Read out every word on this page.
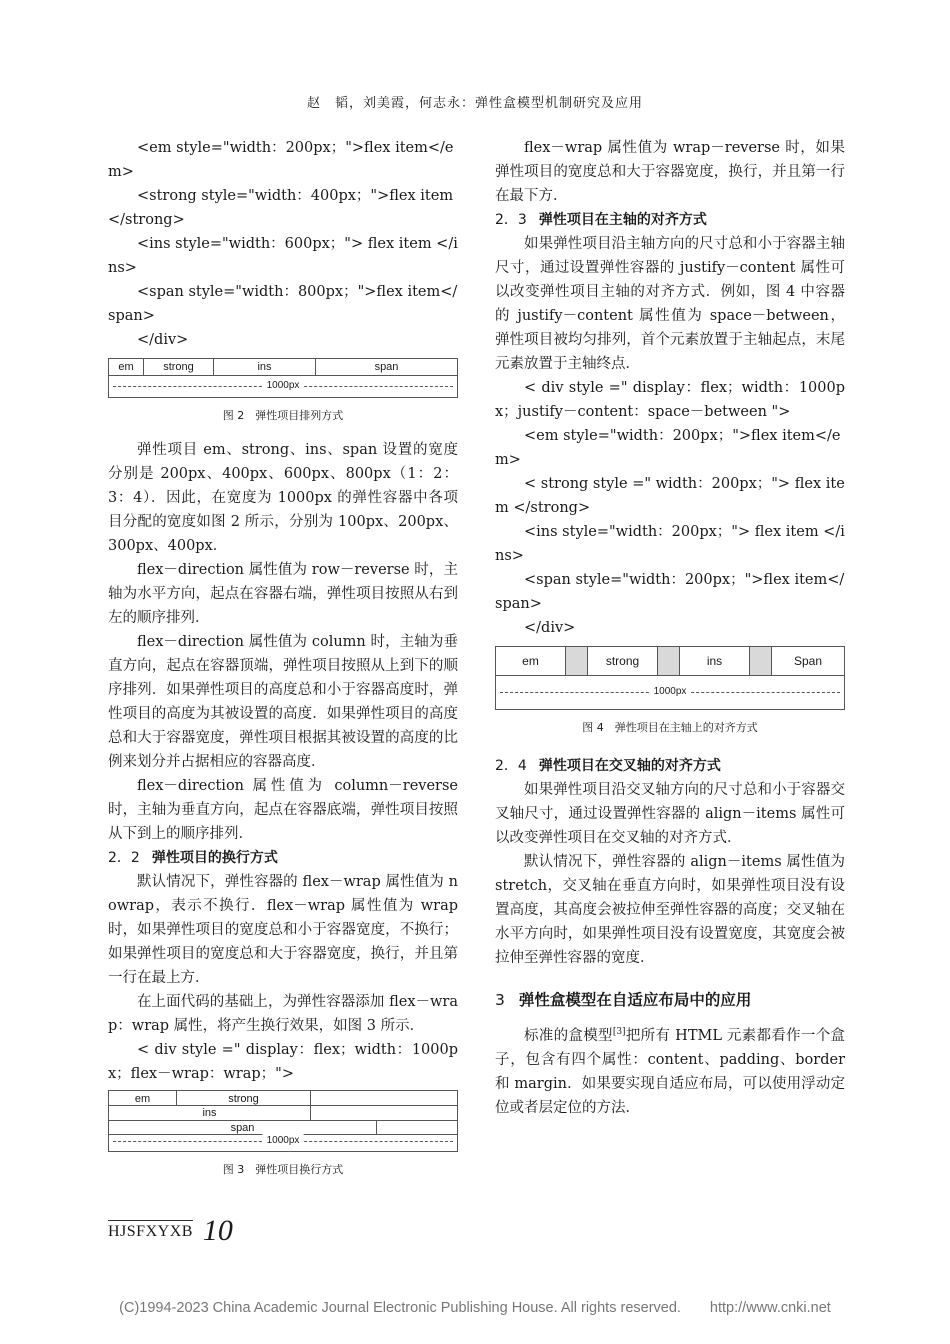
赵　韬，刘美霞，何志永：弹性盒模型机制研究及应用

<em style="width：200px；">flex item</em>

<strong style="width：400px；">flex item </strong>

<ins style="width：600px；"> flex item </ins>

<span style="width：800px；">flex item</span>

</div>

em	strong	ins	span
1000px
图 2　弹性项目排列方式

弹性项目 em、strong、ins、span 设置的宽度分别是 200px、400px、600px、800px（1：2：3：4）．因此，在宽度为 1000px 的弹性容器中各项目分配的宽度如图 2 所示，分别为 100px、200px、300px、400px．

flex－direction 属性值为 row－reverse 时，主轴为水平方向，起点在容器右端，弹性项目按照从右到左的顺序排列．

flex－direction 属性值为 column 时，主轴为垂直方向，起点在容器顶端，弹性项目按照从上到下的顺序排列．如果弹性项目的高度总和小于容器高度时，弹性项目的高度为其被设置的高度．如果弹性项目的高度总和大于容器宽度，弹性项目根据其被设置的高度的比例来划分并占据相应的容器高度．

flex－direction 属性值为 column－reverse 时，主轴为垂直方向，起点在容器底端，弹性项目按照从下到上的顺序排列．

2．2 弹性项目的换行方式

默认情况下，弹性容器的 flex－wrap 属性值为 nowrap，表示不换行．flex－wrap 属性值为 wrap 时，如果弹性项目的宽度总和小于容器宽度，不换行；如果弹性项目的宽度总和大于容器宽度，换行，并且第一行在最上方．

在上面代码的基础上，为弹性容器添加 flex－wrap：wrap 属性，将产生换行效果，如图 3 所示．

< div style =" display：flex；width：1000px；flex－wrap：wrap；">

em	strong
ins
span
1000px
图 3　弹性项目换行方式

flex－wrap 属性值为 wrap－reverse 时，如果弹性项目的宽度总和大于容器宽度，换行，并且第一行在最下方．

2．3 弹性项目在主轴的对齐方式

如果弹性项目沿主轴方向的尺寸总和小于容器主轴尺寸，通过设置弹性容器的 justify－content 属性可以改变弹性项目主轴的对齐方式．例如，图 4 中容器的 justify－content 属性值为 space－between，弹性项目被均匀排列，首个元素放置于主轴起点，末尾元素放置于主轴终点．

< div style =" display：flex；width：1000px；justify－content：space－between ">

<em style="width：200px；">flex item</em>

< strong style =" width：200px；"> flex item </strong>

<ins style="width：200px；"> flex item </ins>

<span style="width：200px；">flex item</span>

</div>

em	strong	ins	Span
1000px
图 4　弹性项目在主轴上的对齐方式

2．4 弹性项目在交叉轴的对齐方式

如果弹性项目沿交叉轴方向的尺寸总和小于容器交叉轴尺寸，通过设置弹性容器的 align－items 属性可以改变弹性项目在交叉轴的对齐方式．

默认情况下，弹性容器的 align－items 属性值为 stretch，交叉轴在垂直方向时，如果弹性项目没有设置高度，其高度会被拉伸至弹性容器的高度；交叉轴在水平方向时，如果弹性项目没有设置宽度，其宽度会被拉伸至弹性容器的宽度．

3 弹性盒模型在自适应布局中的应用

标准的盒模型[3]把所有 HTML 元素都看作一个盒子，包含有四个属性：content、padding、border 和 margin．如果要实现自适应布局，可以使用浮动定位或者层定位的方法．

HJSFXYXB 10
(C)1994-2023 China Academic Journal Electronic Publishing House. All rights reserved.　　http://www.cnki.net
